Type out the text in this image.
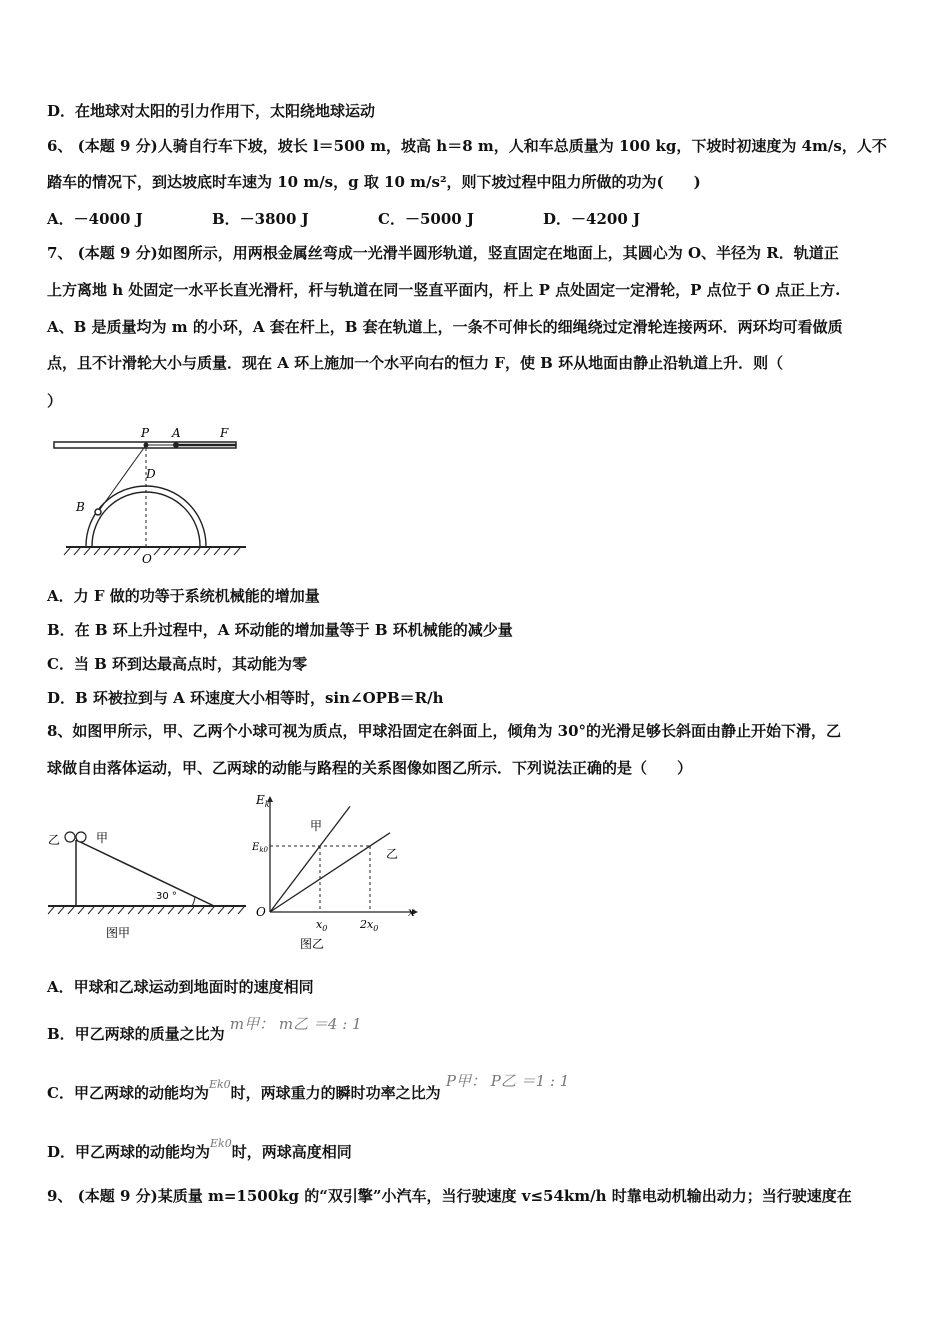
D．在地球对太阳的引力作用下，太阳绕地球运动
6、 (本题 9 分)人骑自行车下坡，坡长 l＝500 m，坡高 h＝8 m，人和车总质量为 100 kg，下坡时初速度为 4m/s，人不
踏车的情况下，到达坡底时车速为 10 m/s，g 取 10 m/s²，则下坡过程中阻力所做的功为(　　)
A．－4000 J	B．－3800 J	C．－5000 J	D．－4200 J
7、 (本题 9 分)如图所示，用两根金属丝弯成一光滑半圆形轨道，竖直固定在地面上，其圆心为 O、半径为 R．轨道正
上方离地 h 处固定一水平长直光滑杆，杆与轨道在同一竖直平面内，杆上 P 点处固定一定滑轮，P 点位于 O 点正上方.
A、B 是质量均为 m 的小环，A 套在杆上，B 套在轨道上，一条不可伸长的细绳绕过定滑轮连接两环．两环均可看做质
点，且不计滑轮大小与质量．现在 A 环上施加一个水平向右的恒力 F，使 B 环从地面由静止沿轨道上升．则（
）
P A	F
D
B
O
A．力 F 做的功等于系统机械能的增加量
B．在 B 环上升过程中，A 环动能的增加量等于 B 环机械能的减少量
C．当 B 环到达最高点时，其动能为零
D．B 环被拉到与 A 环速度大小相等时，sin∠OPB＝R/h
8、如图甲所示，甲、乙两个小球可视为质点，甲球沿固定在斜面上，倾角为 30°的光滑足够长斜面由静止开始下滑，乙
球做自由落体运动，甲、乙两球的动能与路程的关系图像如图乙所示．下列说法正确的是（　　）
乙	甲
30 °
图甲
$E_k$
$E_{k0}$
甲
乙
O
$x_0$	$2x_0$
x
图乙
A．甲球和乙球运动到地面时的速度相同
B．甲乙两球的质量之比为 m甲： m乙 ＝4 : 1
C．甲乙两球的动能均为$^{Ek0}$时，两球重力的瞬时功率之比为 P甲： P乙 ＝1 : 1
D．甲乙两球的动能均为$^{Ek0}$时，两球高度相同
9、 (本题 9 分)某质量 m=1500kg 的“双引擎”小汽车，当行驶速度 v≤54km/h 时靠电动机输出动力；当行驶速度在
